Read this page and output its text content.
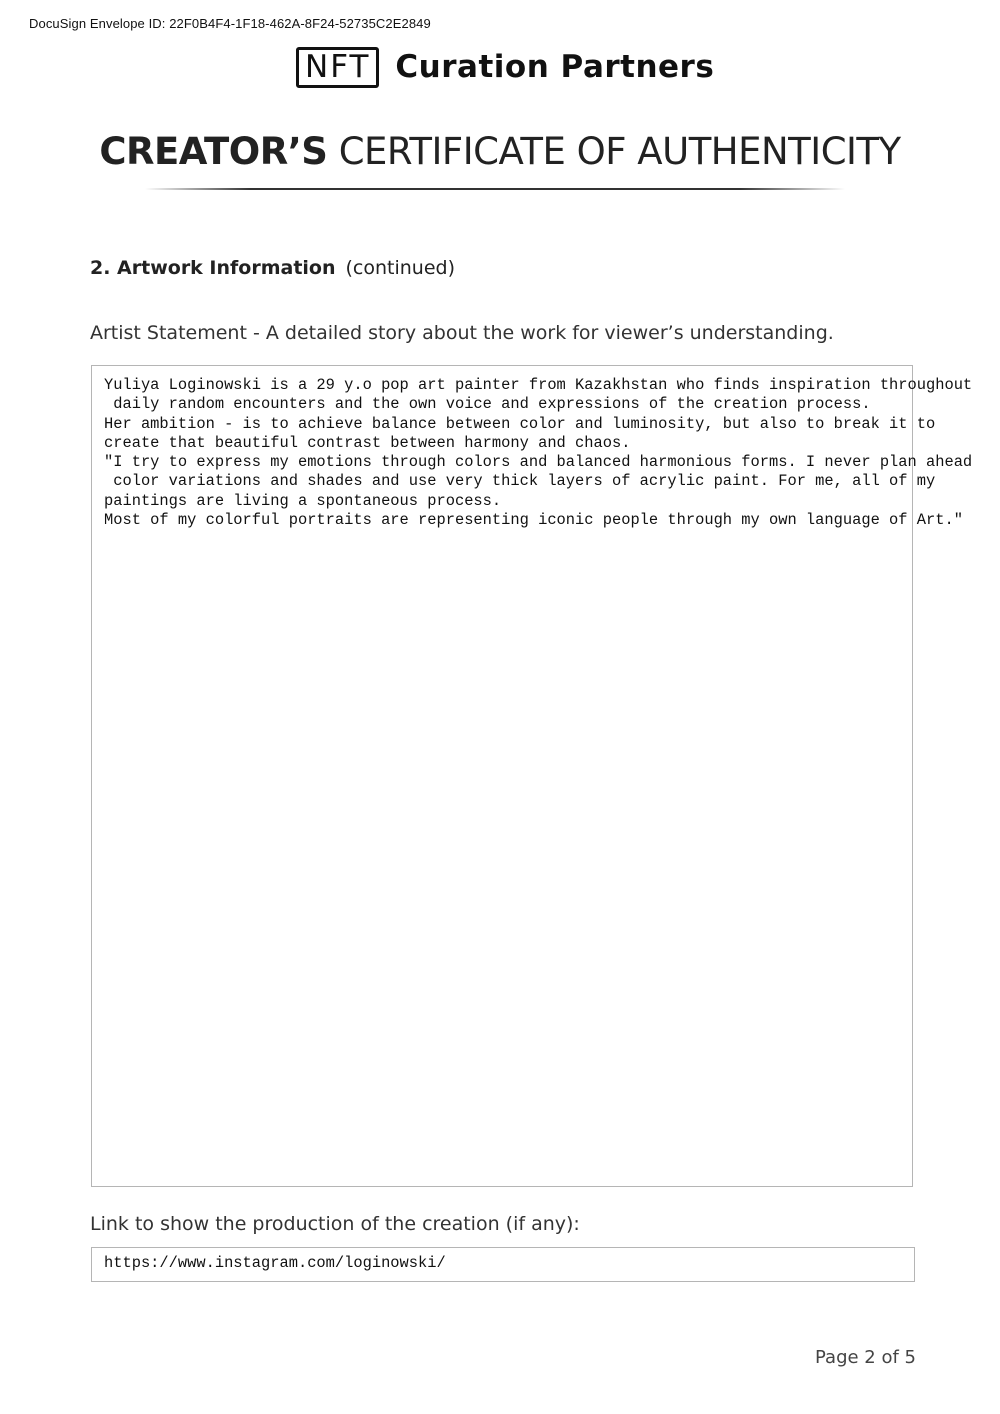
DocuSign Envelope ID: 22F0B4F4-1F18-462A-8F24-52735C2E2849
NFT Curation Partners
CREATOR’S CERTIFICATE OF AUTHENTICITY
2. Artwork Information (continued)
Artist Statement - A detailed story about the work for viewer’s understanding.
Yuliya Loginowski is a 29 y.o pop art painter from Kazakhstan who finds inspiration throughout
daily random encounters and the own voice and expressions of the creation process.
Her ambition - is to achieve balance between color and luminosity, but also to break it to
create that beautiful contrast between harmony and chaos.
"I try to express my emotions through colors and balanced harmonious forms. I never plan ahead
color variations and shades and use very thick layers of acrylic paint. For me, all of my
paintings are living a spontaneous process.
Most of my colorful portraits are representing iconic people through my own language of Art."
Link to show the production of the creation (if any):
https://www.instagram.com/loginowski/
Page 2 of 5
